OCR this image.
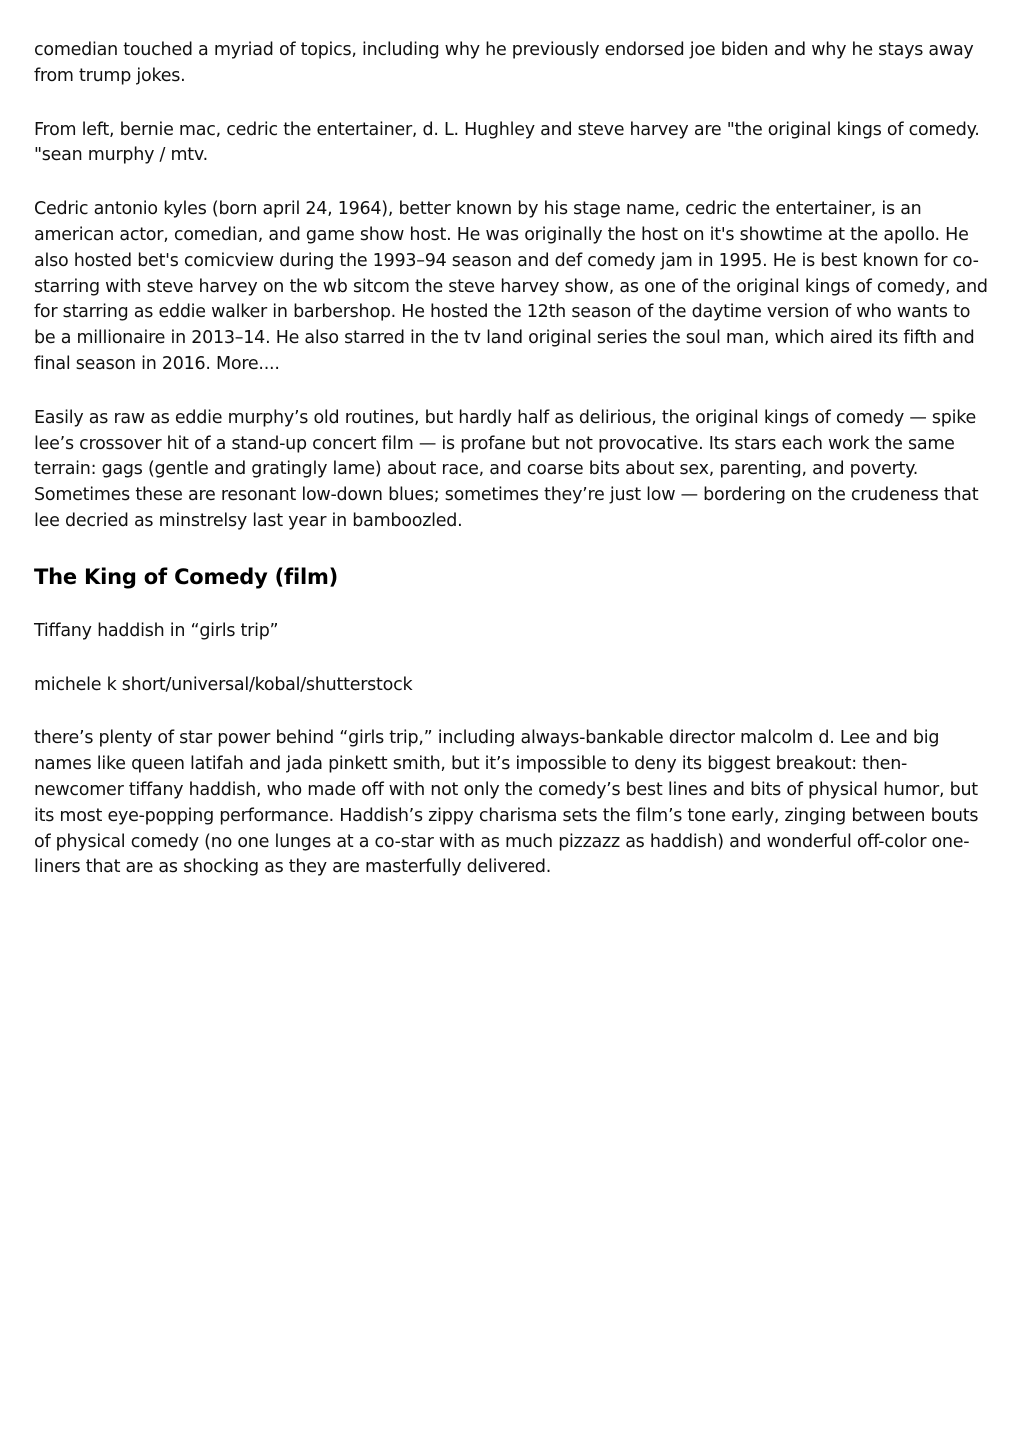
comedian touched a myriad of topics, including why he previously endorsed joe biden and why he stays away from trump jokes.

From left, bernie mac, cedric the entertainer, d. L. Hughley and steve harvey are "the original kings of comedy. "sean murphy / mtv.

Cedric antonio kyles (born april 24, 1964), better known by his stage name, cedric the entertainer, is an american actor, comedian, and game show host. He was originally the host on it's showtime at the apollo. He also hosted bet's comicview during the 1993–94 season and def comedy jam in 1995. He is best known for co-starring with steve harvey on the wb sitcom the steve harvey show, as one of the original kings of comedy, and for starring as eddie walker in barbershop. He hosted the 12th season of the daytime version of who wants to be a millionaire in 2013–14. He also starred in the tv land original series the soul man, which aired its fifth and final season in 2016. More....

Easily as raw as eddie murphy’s old routines, but hardly half as delirious, the original kings of comedy — spike lee’s crossover hit of a stand-up concert film — is profane but not provocative. Its stars each work the same terrain: gags (gentle and gratingly lame) about race, and coarse bits about sex, parenting, and poverty. Sometimes these are resonant low-down blues; sometimes they’re just low — bordering on the crudeness that lee decried as minstrelsy last year in bamboozled.

The King of Comedy (film)

Tiffany haddish in “girls trip”

michele k short/universal/kobal/shutterstock

there’s plenty of star power behind “girls trip,” including always-bankable director malcolm d. Lee and big names like queen latifah and jada pinkett smith, but it’s impossible to deny its biggest breakout: then-newcomer tiffany haddish, who made off with not only the comedy’s best lines and bits of physical humor, but its most eye-popping performance. Haddish’s zippy charisma sets the film’s tone early, zinging between bouts of physical comedy (no one lunges at a co-star with as much pizzazz as haddish) and wonderful off-color one-liners that are as shocking as they are masterfully delivered.
